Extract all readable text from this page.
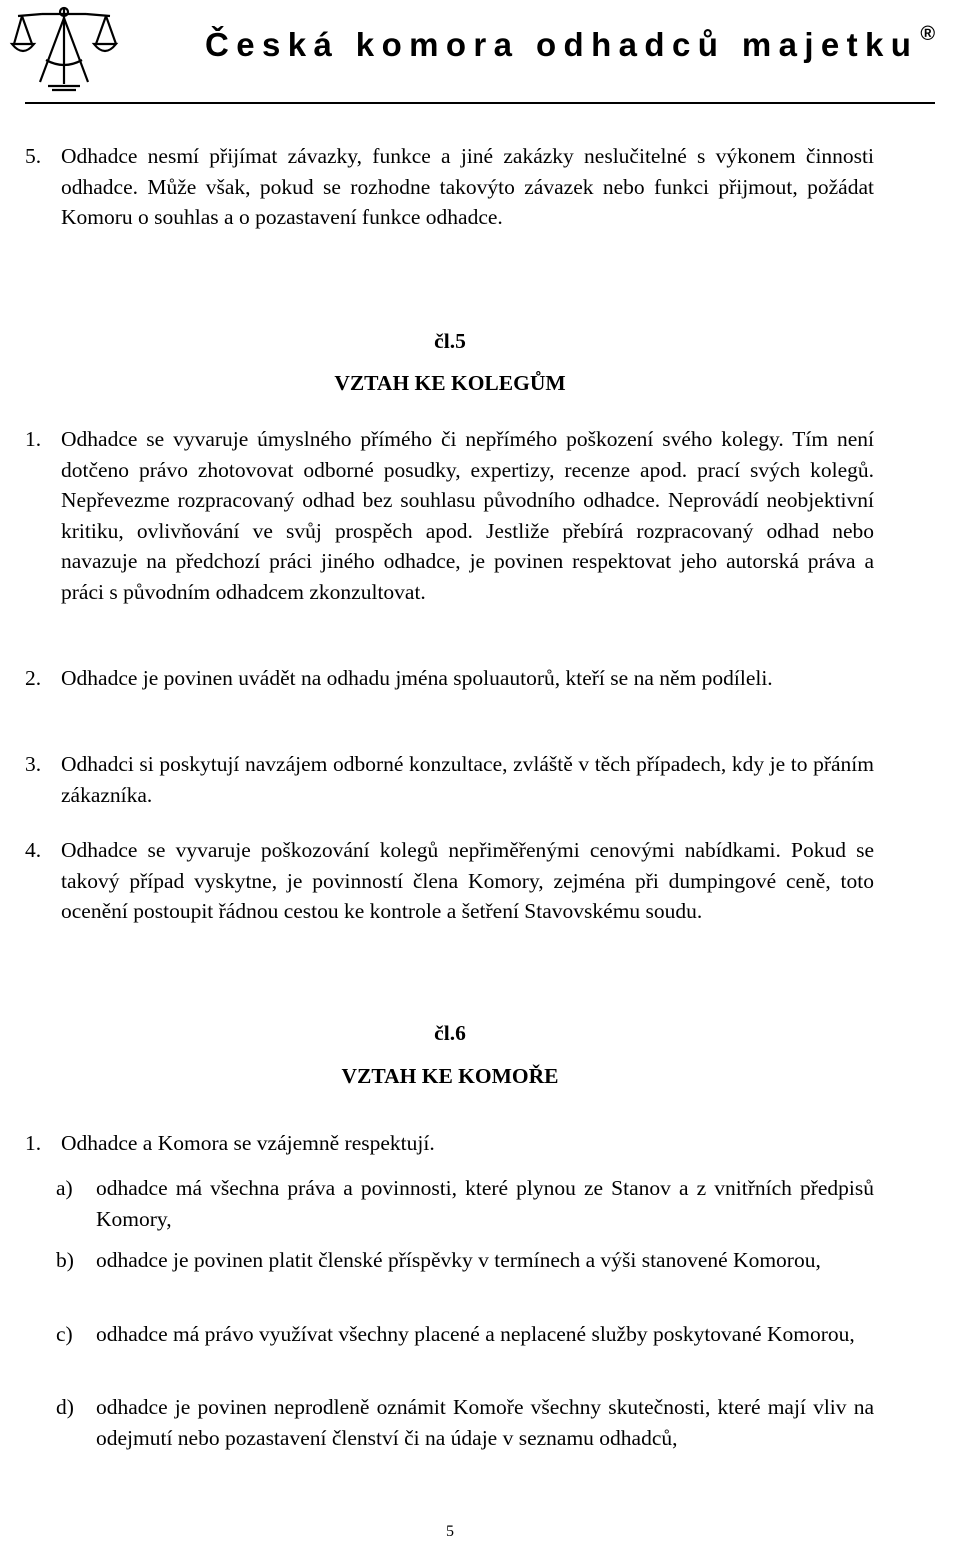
Česká komora odhadců majetku ®
5. Odhadce nesmí přijímat závazky, funkce a jiné zakázky neslučitelné s výkonem činnosti odhadce. Může však, pokud se rozhodne takovýto závazek nebo funkci přijmout, požádat Komoru o souhlas a o pozastavení funkce odhadce.
čl.5
VZTAH KE KOLEGŮM
1. Odhadce se vyvaruje úmyslného přímého či nepřímého poškození svého kolegy. Tím není dotčeno právo zhotovovat odborné posudky, expertizy, recenze apod. prací svých kolegů. Nepřevezme rozpracovaný odhad bez souhlasu původního odhadce. Neprovádí neobjektivní kritiku, ovlivňování ve svůj prospěch apod. Jestliže přebírá rozpracovaný odhad nebo navazuje na předchozí práci jiného odhadce, je povinen respektovat jeho autorská práva a práci s původním odhadcem zkonzultovat.
2. Odhadce je povinen uvádět na odhadu jména spoluautorů, kteří se na něm podíleli.
3. Odhadci si poskytují navzájem odborné konzultace, zvláště v těch případech, kdy je to přáním zákazníka.
4. Odhadce se vyvaruje poškozování kolegů nepřiměřenými cenovými nabídkami. Pokud se takový případ vyskytne, je povinností člena Komory, zejména při dumpingové ceně, toto ocenění postoupit řádnou cestou ke kontrole a šetření Stavovskému soudu.
čl.6
VZTAH KE KOMOŘE
1. Odhadce a Komora se vzájemně respektují.
a) odhadce má všechna práva a povinnosti, které plynou ze Stanov a z vnitřních předpisů Komory,
b) odhadce je povinen platit členské příspěvky v termínech a výši stanovené Komorou,
c) odhadce má právo využívat všechny placené a neplacené služby poskytované Komorou,
d) odhadce je povinen neprodleně oznámit Komoře všechny skutečnosti, které mají vliv na odejmutí nebo pozastavení členství či na údaje v seznamu odhadců,
5
